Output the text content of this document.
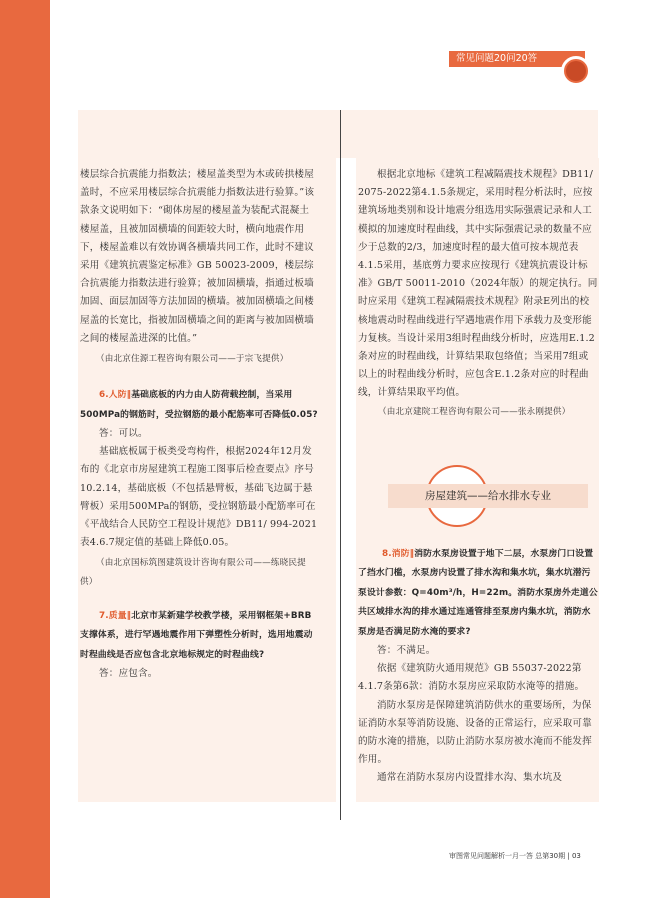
常见问题20问20答

楼层综合抗震能力指数法；楼屋盖类型为木或砖拱楼屋盖时，不应采用楼层综合抗震能力指数法进行验算。”该款条文说明如下：“砌体房屋的楼屋盖为装配式混凝土楼屋盖，且被加固横墙的间距较大时，横向地震作用下，楼屋盖难以有效协调各横墙共同工作，此时不建议采用《建筑抗震鉴定标准》GB 50023-2009，楼层综合抗震能力指数法进行验算；被加固横墙，指通过板墙加固、面层加固等方法加固的横墙。被加固横墙之间楼屋盖的长宽比，指被加固横墙之间的距离与被加固横墙之间的楼屋盖进深的比值。”

（由北京住源工程咨询有限公司——于宗飞提供）

6.人防‖基础底板的内力由人防荷载控制，当采用500MPa的钢筋时，受拉钢筋的最小配筋率可否降低0.05?

答：可以。

基础底板属于板类受弯构件，根据2024年12月发布的《北京市房屋建筑工程施工图事后检查要点》序号10.2.14，基础底板（不包括悬臂板，基础飞边属于悬臂板）采用500MPa的钢筋，受拉钢筋最小配筋率可在《平战结合人民防空工程设计规范》DB11/ 994-2021表4.6.7规定值的基础上降低0.05。

（由北京国标筑图建筑设计咨询有限公司——练晓民提供）

7.质量‖北京市某新建学校教学楼，采用钢框架+BRB支撑体系，进行罕遇地震作用下弹塑性分析时，选用地震动时程曲线是否应包含北京地标规定的时程曲线?

答：应包含。

根据北京地标《建筑工程减隔震技术规程》DB11/ 2075-2022第4.1.5条规定，采用时程分析法时，应按建筑场地类别和设计地震分组选用实际强震记录和人工模拟的加速度时程曲线，其中实际强震记录的数量不应少于总数的2/3，加速度时程的最大值可按本规范表4.1.5采用，基底剪力要求应按现行《建筑抗震设计标准》GB/T 50011-2010（2024年版）的规定执行。同时应采用《建筑工程减隔震技术规程》附录E列出的校核地震动时程曲线进行罕遇地震作用下承载力及变形能力复核。当设计采用3组时程曲线分析时，应选用E.1.2条对应的时程曲线，计算结果取包络值；当采用7组或以上的时程曲线分析时，应包含E.1.2条对应的时程曲线，计算结果取平均值。

（由北京建院工程咨询有限公司——张永刚提供）

房屋建筑——给水排水专业

8.消防‖消防水泵房设置于地下二层，水泵房门口设置了挡水门槛，水泵房内设置了排水沟和集水坑，集水坑潜污泵设计参数：Q=40m³/h，H=22m。消防水泵房外走道公共区域排水沟的排水通过连通管排至泵房内集水坑，消防水泵房是否满足防水淹的要求?

答：不满足。

依据《建筑防火通用规范》GB 55037-2022第4.1.7条第6款：消防水泵房应采取防水淹等的措施。

消防水泵房是保障建筑消防供水的重要场所，为保证消防水泵等消防设施、设备的正常运行，应采取可靠的防水淹的措施，以防止消防水泵房被水淹而不能发挥作用。

通常在消防水泵房内设置排水沟、集水坑及

审图常见问题解析一月一答 总第30期 | 03
